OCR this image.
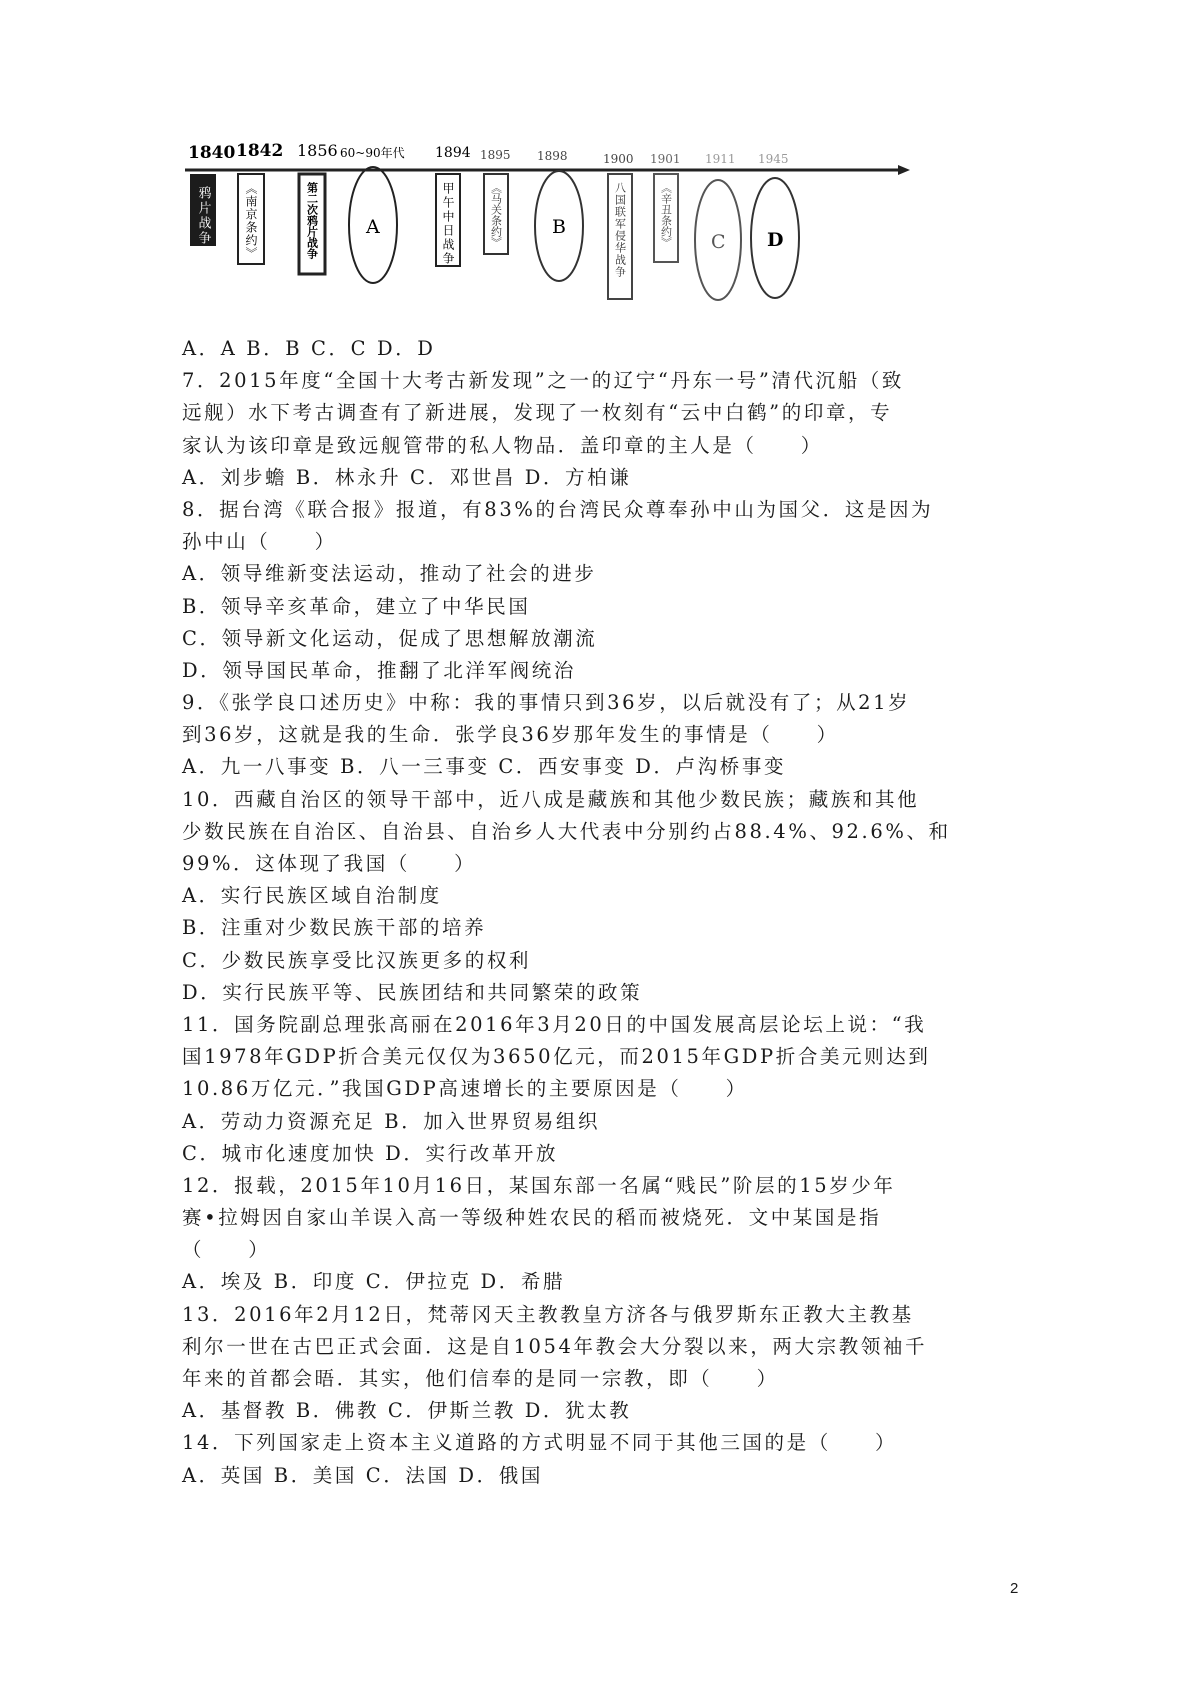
1840 1842 1856 60~90年代 1894 1895 1898	1900 1901 1911 1945
鸦片战争	《南京条约》	第二次鸦片战争	A	甲午中日战争	《马关条约》	B	八国联军侵华战争	《辛丑条约》 C D
A．A B．B C．C D．D
7．2015年度“全国十大考古新发现”之一的辽宁“丹东一号”清代沉船（致
远舰）水下考古调查有了新进展，发现了一枚刻有“云中白鹤”的印章，专
家认为该印章是致远舰管带的私人物品．盖印章的主人是（　　）
A．刘步蟾 B．林永升 C．邓世昌 D．方柏谦
8．据台湾《联合报》报道，有83%的台湾民众尊奉孙中山为国父．这是因为
孙中山（　　）
A．领导维新变法运动，推动了社会的进步
B．领导辛亥革命，建立了中华民国
C．领导新文化运动，促成了思想解放潮流
D．领导国民革命，推翻了北洋军阀统治
9．《张学良口述历史》中称：我的事情只到36岁，以后就没有了；从21岁
到36岁，这就是我的生命．张学良36岁那年发生的事情是（　　）
A．九一八事变 B．八一三事变 C．西安事变 D．卢沟桥事变
10．西藏自治区的领导干部中，近八成是藏族和其他少数民族；藏族和其他
少数民族在自治区、自治县、自治乡人大代表中分别约占88.4%、92.6%、和
99%．这体现了我国（　　）
A．实行民族区域自治制度
B．注重对少数民族干部的培养
C．少数民族享受比汉族更多的权利
D．实行民族平等、民族团结和共同繁荣的政策
11．国务院副总理张高丽在2016年3月20日的中国发展高层论坛上说：“我
国1978年GDP折合美元仅仅为3650亿元，而2015年GDP折合美元则达到
10.86万亿元．”我国GDP高速增长的主要原因是（　　）
A．劳动力资源充足 B．加入世界贸易组织
C．城市化速度加快 D．实行改革开放
12．报载，2015年10月16日，某国东部一名属“贱民”阶层的15岁少年
赛•拉姆因自家山羊误入高一等级种姓农民的稻而被烧死．文中某国是指
（　　）
A．埃及 B．印度 C．伊拉克 D．希腊
13．2016年2月12日，梵蒂冈天主教教皇方济各与俄罗斯东正教大主教基
利尔一世在古巴正式会面．这是自1054年教会大分裂以来，两大宗教领袖千
年来的首都会晤．其实，他们信奉的是同一宗教，即（　　）
A．基督教 B．佛教 C．伊斯兰教 D．犹太教
14．下列国家走上资本主义道路的方式明显不同于其他三国的是（　　）
A．英国 B．美国 C．法国 D．俄国
2
